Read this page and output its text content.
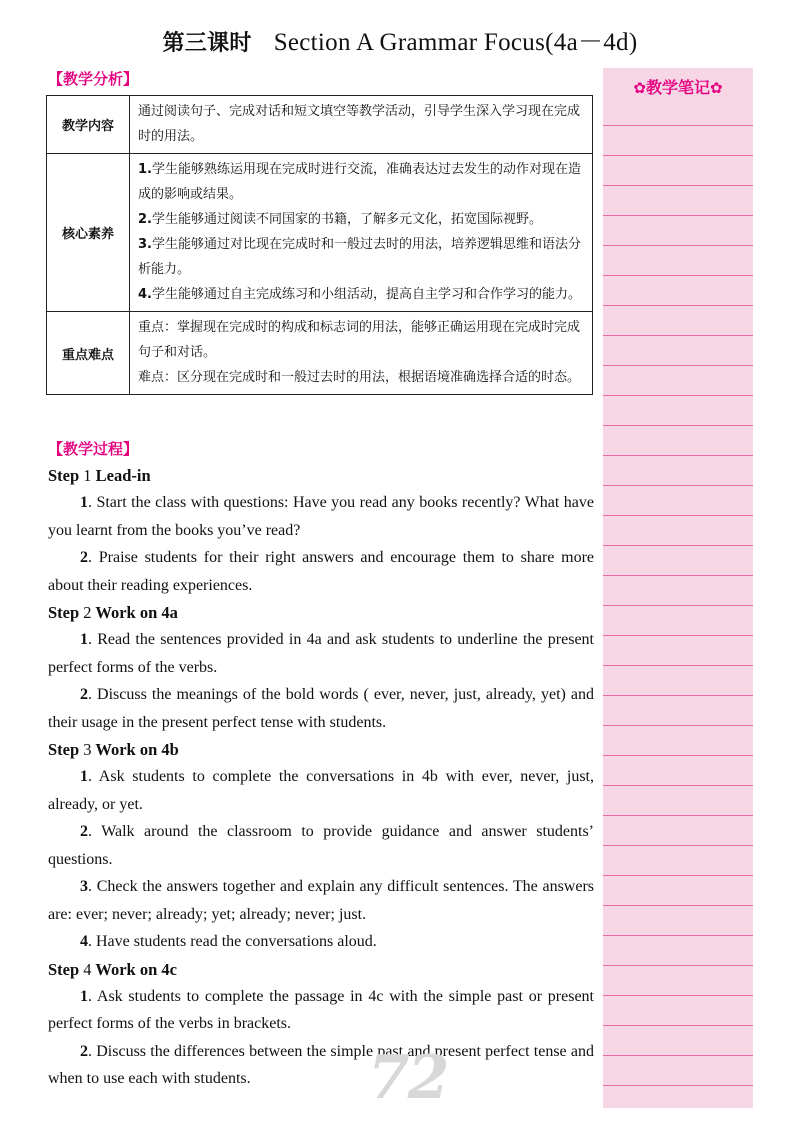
第三课时 Section A Grammar Focus(4a－4d)
✿教学笔记✿
【教学分析】
教学内容	通过阅读句子、完成对话和短文填空等教学活动，引导学生深入学习现在完成时的用法。
核心素养	1.学生能够熟练运用现在完成时进行交流，准确表达过去发生的动作对现在造成的影响或结果。
2.学生能够通过阅读不同国家的书籍，了解多元文化，拓宽国际视野。
3.学生能够通过对比现在完成时和一般过去时的用法，培养逻辑思维和语法分析能力。
4.学生能够通过自主完成练习和小组活动，提高自主学习和合作学习的能力。

重点难点	重点：掌握现在完成时的构成和标志词的用法，能够正确运用现在完成时完成句子和对话。
难点：区分现在完成时和一般过去时的用法，根据语境准确选择合适的时态。
【教学过程】

Step 1 Lead-in

1. Start the class with questions: Have you read any books recently? What have you learnt from the books you’ve read?

2. Praise students for their right answers and encourage them to share more about their reading experiences.

Step 2 Work on 4a

1. Read the sentences provided in 4a and ask students to underline the present perfect forms of the verbs.

2. Discuss the meanings of the bold words ( ever, never, just, already, yet) and their usage in the present perfect tense with students.

Step 3 Work on 4b

1. Ask students to complete the conversations in 4b with ever, never, just, already, or yet.

2. Walk around the classroom to provide guidance and answer students’ questions.

3. Check the answers together and explain any difficult sentences. The answers are: ever; never; already; yet; already; never; just.

4. Have students read the conversations aloud.

Step 4 Work on 4c

1. Ask students to complete the passage in 4c with the simple past or present perfect forms of the verbs in brackets.

2. Discuss the differences between the simple past and present perfect tense and when to use each with students.	72
